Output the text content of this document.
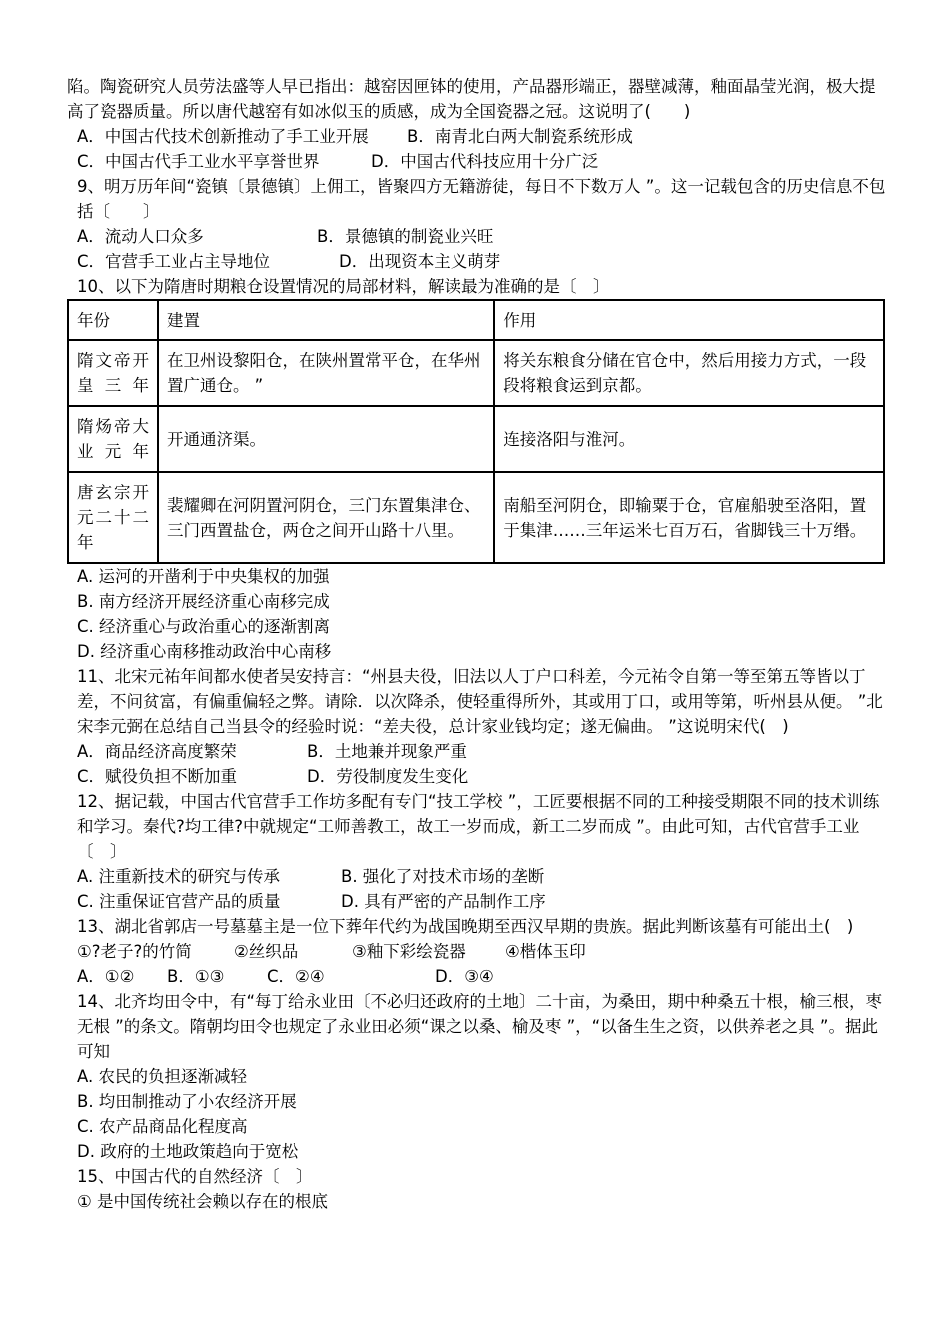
陷。陶瓷研究人员劳法盛等人早已指出：越窑因匣钵的使用，产品器形端正，器壁减薄，釉面晶莹光润，极大提高了瓷器质量。所以唐代越窑有如冰似玉的质感，成为全国瓷器之冠。这说明了(　　)

A．中国古代技术创新推动了手工业开展	B．南青北白两大制瓷系统形成
C．中国古代手工业水平享誉世界	D．中国古代科技应用十分广泛

9、明万历年间“瓷镇〔景德镇〕上佣工，皆聚四方无籍游徒，每日不下数万人 ”。这一记载包含的历史信息不包括〔　　〕

A．流动人口众多	B．景德镇的制瓷业兴旺
C．官营手工业占主导地位	D．出现资本主义萌芽

10、以下为隋唐时期粮仓设置情况的局部材料，解读最为准确的是〔　〕

年份	建置	作用
隋文帝开皇三年	在卫州设黎阳仓，在陕州置常平仓，在华州置广通仓。 ”	将关东粮食分储在官仓中，然后用接力方式，一段段将粮食运到京都。
隋炀帝大业元年	开通通济渠。	连接洛阳与淮河。
唐玄宗开元二十二年	裴耀卿在河阴置河阴仓，三门东置集津仓、三门西置盐仓，两仓之间开山路十八里。	南船至河阴仓，即输粟于仓，官雇船驶至洛阳，置于集津……三年运米七百万石，省脚钱三十万缗。

A. 运河的开凿利于中央集权的加强

B. 南方经济开展经济重心南移完成

C. 经济重心与政治重心的逐渐割离

D. 经济重心南移推动政治中心南移

11、北宋元祐年间都水使者吴安持言：“州县夫役，旧法以人丁户口科差，今元祐令自第一等至第五等皆以丁差，不问贫富，有偏重偏轻之弊。请除．以次降杀，使轻重得所外，其或用丁口，或用等第，听州县从便。 ”北宋李元弼在总结自己当县令的经验时说：“差夫役，总计家业钱均定；遂无偏曲。 ”这说明宋代(　)

A．商品经济高度繁荣	B．土地兼并现象严重
C．赋役负担不断加重	D．劳役制度发生变化

12、据记载，中国古代官营手工作坊多配有专门“技工学校 ”，工匠要根据不同的工种接受期限不同的技术训练和学习。秦代?均工律?中就规定“工师善教工，故工一岁而成，新工二岁而成 ”。由此可知，古代官营手工业〔　〕

A. 注重新技术的研究与传承	B. 强化了对技术市场的垄断
C. 注重保证官营产品的质量	D. 具有严密的产品制作工序

13、湖北省郭店一号墓墓主是一位下葬年代约为战国晚期至西汉早期的贵族。据此判断该墓有可能出土(　)

①?老子?的竹简	②丝织品	③釉下彩绘瓷器	④楷体玉印
A．①②	B．①③	C．②④	D．③④

14、北齐均田令中，有“每丁给永业田〔不必归还政府的土地〕二十亩，为桑田，期中种桑五十根，榆三根，枣无根 ”的条文。隋朝均田令也规定了永业田必须“课之以桑、榆及枣 ”，“以备生生之资，以供养老之具 ”。据此可知

A. 农民的负担逐渐减轻

B. 均田制推动了小农经济开展

C. 农产品商品化程度高

D. 政府的土地政策趋向于宽松

15、中国古代的自然经济〔　〕

① 是中国传统社会赖以存在的根底
